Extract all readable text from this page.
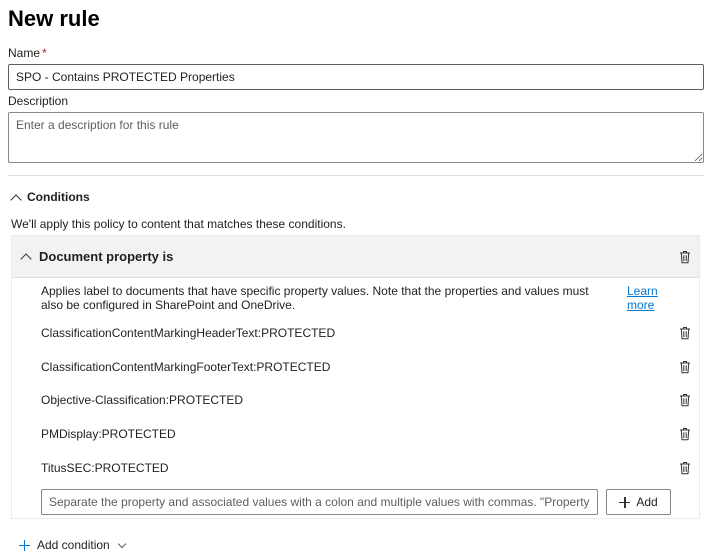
New rule
Name *
SPO - Contains PROTECTED Properties
Description
Enter a description for this rule
Conditions
We'll apply this policy to content that matches these conditions.
Document property is
Applies label to documents that have specific property values. Note that the properties and values must also be configured in SharePoint and OneDrive.
Learn more
ClassificationContentMarkingHeaderText:PROTECTED
ClassificationContentMarkingFooterText:PROTECTED
Objective-Classification:PROTECTED
PMDisplay:PROTECTED
TitusSEC:PROTECTED
Separate the property and associated values with a colon and multiple values with commas. "Property:Value1,V...
Add
Add condition
